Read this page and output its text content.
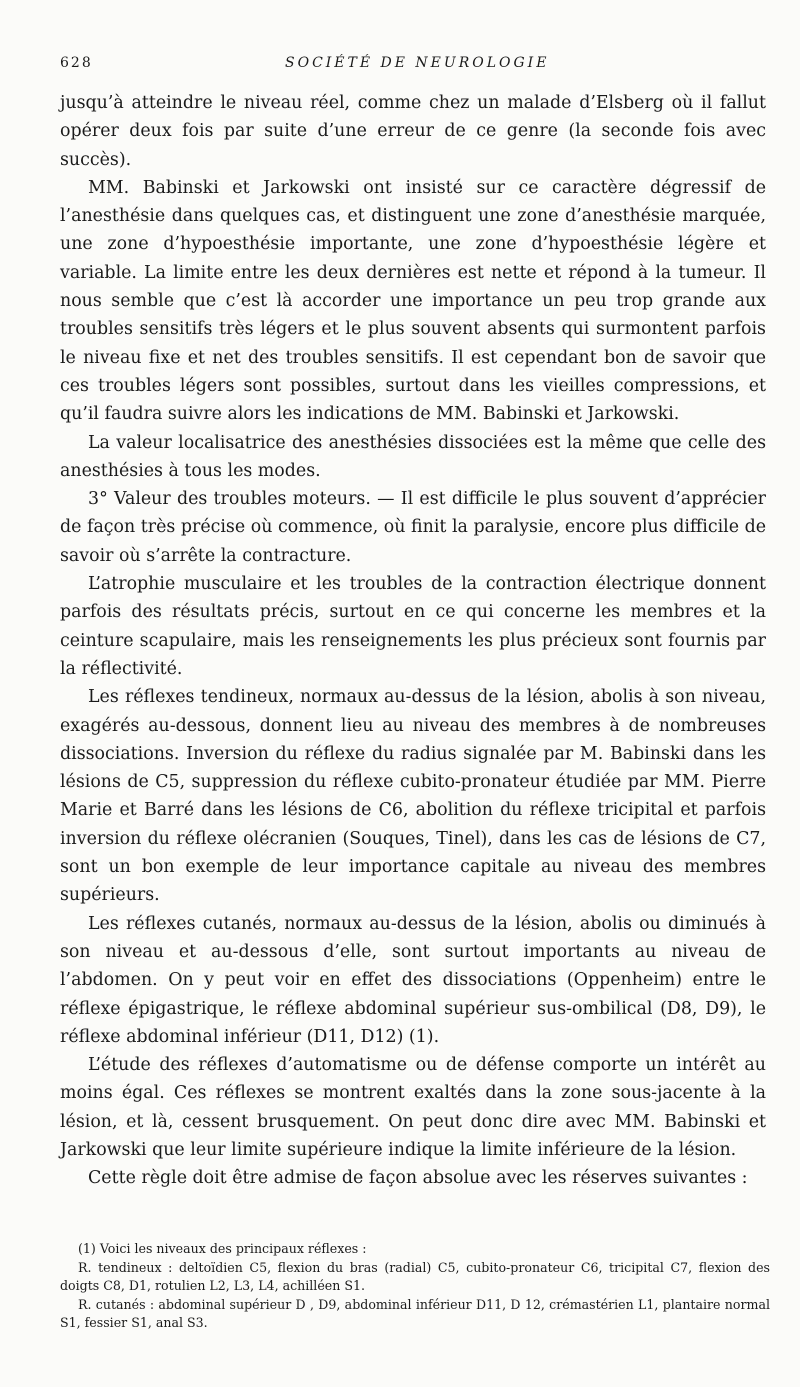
628	SOCIÉTÉ DE NEUROLOGIE

jusqu’à atteindre le niveau réel, comme chez un malade d’Elsberg où il fallut opérer deux fois par suite d’une erreur de ce genre (la seconde fois avec succès).

MM. Babinski et Jarkowski ont insisté sur ce caractère dégressif de l’anesthésie dans quelques cas, et distinguent une zone d’anesthésie marquée, une zone d’hypoesthésie importante, une zone d’hypoesthésie légère et variable. La limite entre les deux dernières est nette et répond à la tumeur. Il nous semble que c’est là accorder une importance un peu trop grande aux troubles sensitifs très légers et le plus souvent absents qui surmontent parfois le niveau fixe et net des troubles sensitifs. Il est cependant bon de savoir que ces troubles légers sont possibles, surtout dans les vieilles compressions, et qu’il faudra suivre alors les indications de MM. Babinski et Jarkowski.

La valeur localisatrice des anesthésies dissociées est la même que celle des anesthésies à tous les modes.

3° Valeur des troubles moteurs. — Il est difficile le plus souvent d’apprécier de façon très précise où commence, où finit la paralysie, encore plus difficile de savoir où s’arrête la contracture.

L’atrophie musculaire et les troubles de la contraction électrique donnent parfois des résultats précis, surtout en ce qui concerne les membres et la ceinture scapulaire, mais les renseignements les plus précieux sont fournis par la réflectivité.

Les réflexes tendineux, normaux au-dessus de la lésion, abolis à son niveau, exagérés au-dessous, donnent lieu au niveau des membres à de nombreuses dissociations. Inversion du réflexe du radius signalée par M. Babinski dans les lésions de C5, suppression du réflexe cubito-pronateur étudiée par MM. Pierre Marie et Barré dans les lésions de C6, abolition du réflexe tricipital et parfois inversion du réflexe olécranien (Souques, Tinel), dans les cas de lésions de C7, sont un bon exemple de leur importance capitale au niveau des membres supérieurs.

Les réflexes cutanés, normaux au-dessus de la lésion, abolis ou diminués à son niveau et au-dessous d’elle, sont surtout importants au niveau de l’abdomen. On y peut voir en effet des dissociations (Oppenheim) entre le réflexe épigastrique, le réflexe abdominal supérieur sus-ombilical (D8, D9), le réflexe abdominal inférieur (D11, D12) (1).

L’étude des réflexes d’automatisme ou de défense comporte un intérêt au moins égal. Ces réflexes se montrent exaltés dans la zone sous-jacente à la lésion, et là, cessent brusquement. On peut donc dire avec MM. Babinski et Jarkowski que leur limite supérieure indique la limite inférieure de la lésion.

Cette règle doit être admise de façon absolue avec les réserves suivantes :

(1) Voici les niveaux des principaux réflexes :

R. tendineux : deltoïdien C5, flexion du bras (radial) C5, cubito-pronateur C6, tricipital C7, flexion des doigts C8, D1, rotulien L2, L3, L4, achilléen S1.

R. cutanés : abdominal supérieur D , D9, abdominal inférieur D11, D 12, crémastérien L1, plantaire normal S1, fessier S1, anal S3.
